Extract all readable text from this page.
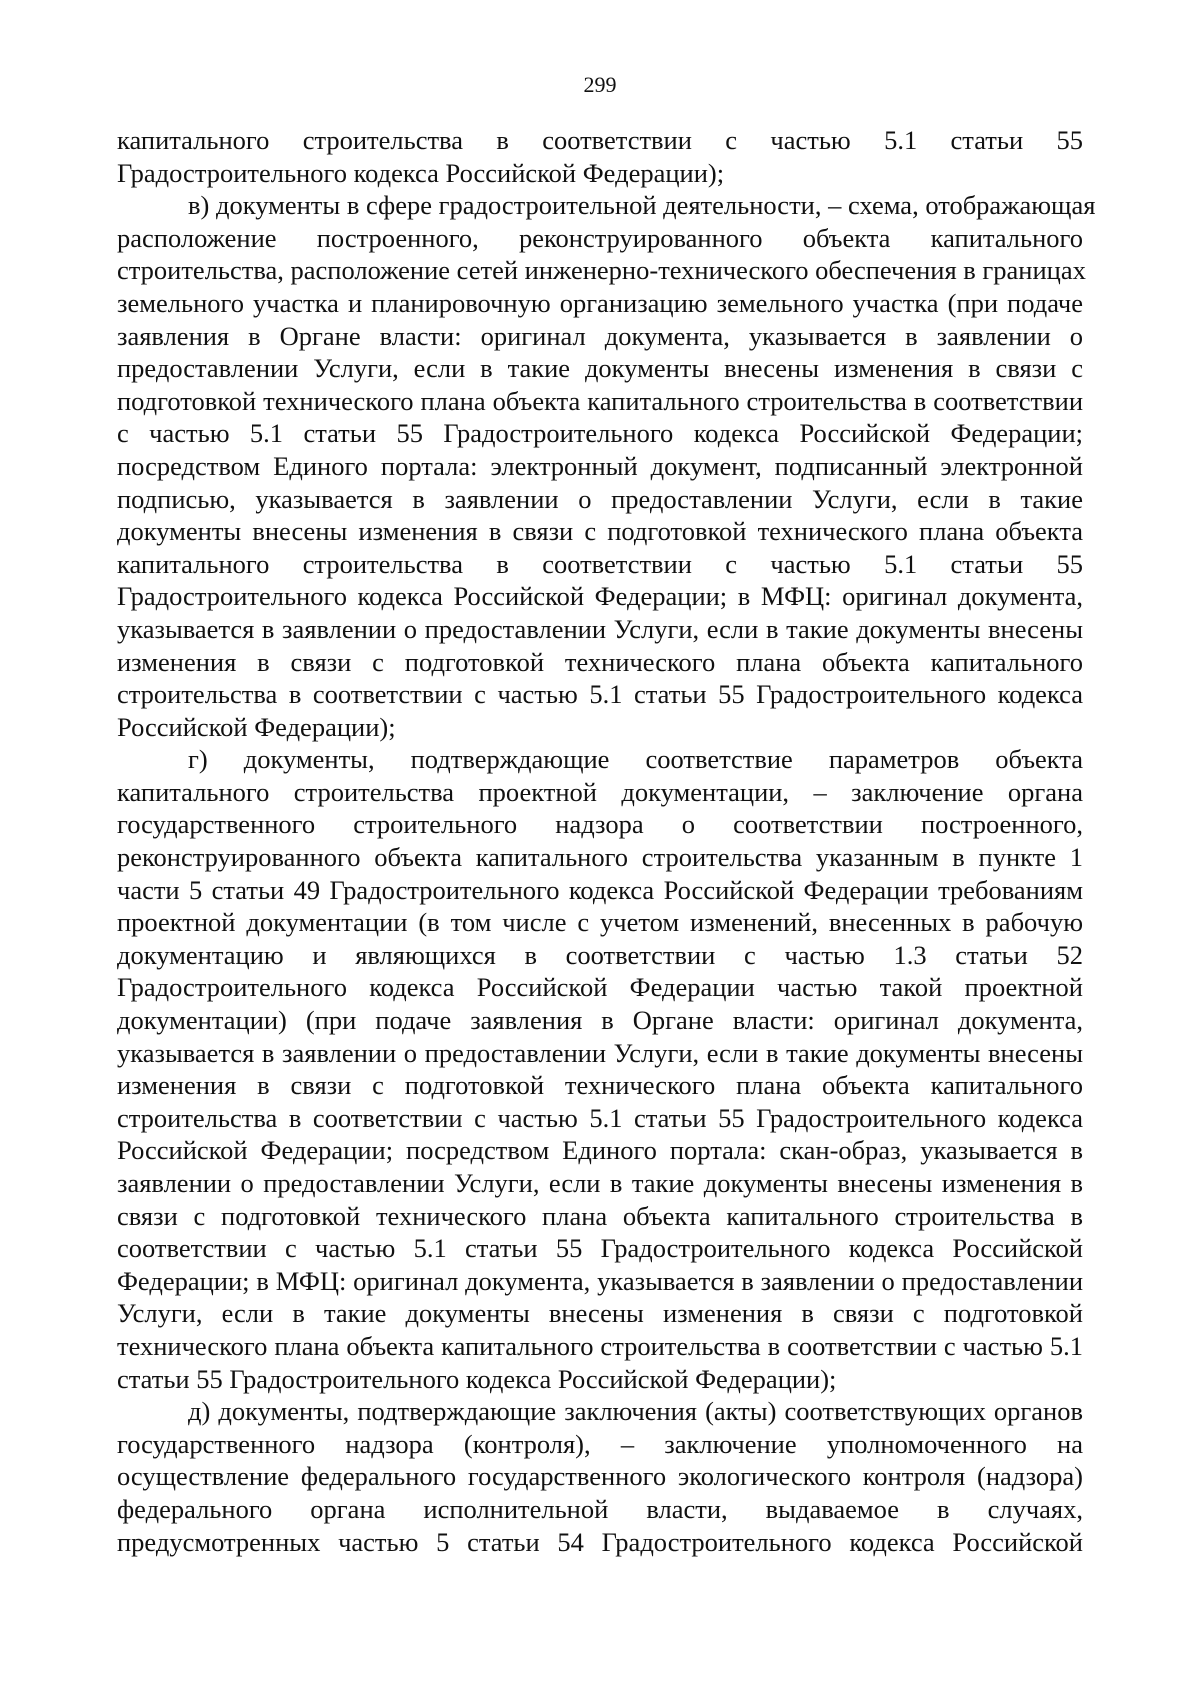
299
капитального строительства в соответствии с частью 5.1 статьи 55
Градостроительного кодекса Российской Федерации);
в) документы в сфере градостроительной деятельности, – схема, отображающая
расположение построенного, реконструированного объекта капитального
строительства, расположение сетей инженерно-технического обеспечения в границах
земельного участка и планировочную организацию земельного участка (при подаче
заявления в Органе власти: оригинал документа, указывается в заявлении о
предоставлении Услуги, если в такие документы внесены изменения в связи с
подготовкой технического плана объекта капитального строительства в соответствии
с частью 5.1 статьи 55 Градостроительного кодекса Российской Федерации;
посредством Единого портала: электронный документ, подписанный электронной
подписью, указывается в заявлении о предоставлении Услуги, если в такие
документы внесены изменения в связи с подготовкой технического плана объекта
капитального строительства в соответствии с частью 5.1 статьи 55
Градостроительного кодекса Российской Федерации; в МФЦ: оригинал документа,
указывается в заявлении о предоставлении Услуги, если в такие документы внесены
изменения в связи с подготовкой технического плана объекта капитального
строительства в соответствии с частью 5.1 статьи 55 Градостроительного кодекса
Российской Федерации);
г) документы, подтверждающие соответствие параметров объекта
капитального строительства проектной документации, – заключение органа
государственного строительного надзора о соответствии построенного,
реконструированного объекта капитального строительства указанным в пункте 1
части 5 статьи 49 Градостроительного кодекса Российской Федерации требованиям
проектной документации (в том числе с учетом изменений, внесенных в рабочую
документацию и являющихся в соответствии с частью 1.3 статьи 52
Градостроительного кодекса Российской Федерации частью такой проектной
документации) (при подаче заявления в Органе власти: оригинал документа,
указывается в заявлении о предоставлении Услуги, если в такие документы внесены
изменения в связи с подготовкой технического плана объекта капитального
строительства в соответствии с частью 5.1 статьи 55 Градостроительного кодекса
Российской Федерации; посредством Единого портала: скан-образ, указывается в
заявлении о предоставлении Услуги, если в такие документы внесены изменения в
связи с подготовкой технического плана объекта капитального строительства в
соответствии с частью 5.1 статьи 55 Градостроительного кодекса Российской
Федерации; в МФЦ: оригинал документа, указывается в заявлении о предоставлении
Услуги, если в такие документы внесены изменения в связи с подготовкой
технического плана объекта капитального строительства в соответствии с частью 5.1
статьи 55 Градостроительного кодекса Российской Федерации);
д) документы, подтверждающие заключения (акты) соответствующих органов
государственного надзора (контроля), – заключение уполномоченного на
осуществление федерального государственного экологического контроля (надзора)
федерального органа исполнительной власти, выдаваемое в случаях,
предусмотренных частью 5 статьи 54 Градостроительного кодекса Российской
